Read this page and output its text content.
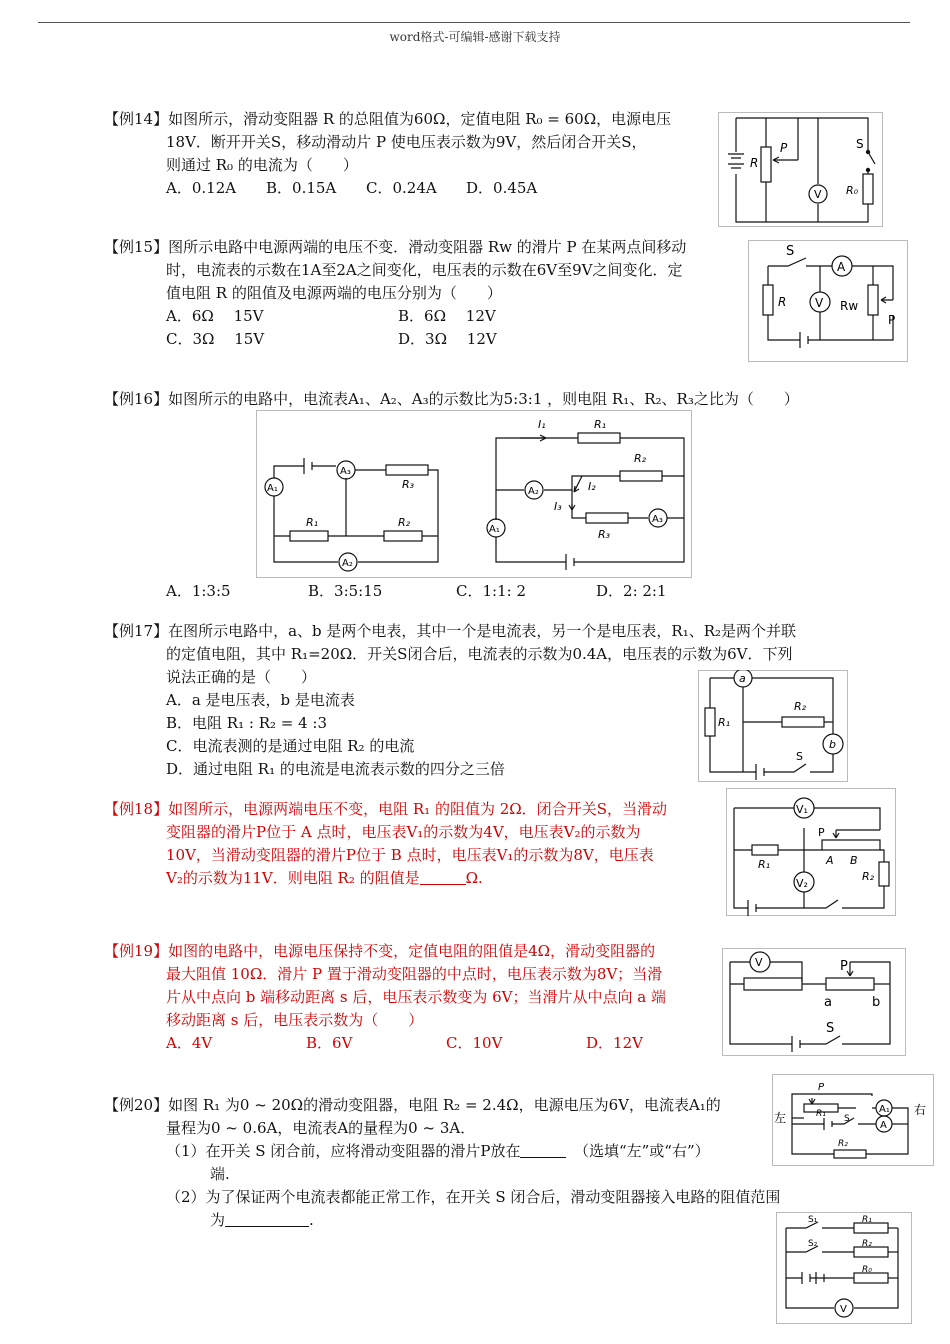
word格式-可编辑-感谢下载支持
【例14】如图所示，滑动变阻器 R 的总阻值为60Ω，定值电阻 R₀ = 60Ω，电源电压
18V．断开开关S，移动滑动片 P 使电压表示数为9V，然后闭合开关S，
则通过 R₀ 的电流为（　　）
A．0.12A B．0.15A C．0.24A D．0.45A
R
P	S
V R₀
【例15】图所示电路中电源两端的电压不变．滑动变阻器 Rw 的滑片 P 在某两点间移动
时，电流表的示数在1A至2A之间变化，电压表的示数在6V至9V之间变化．定
值电阻 R 的阻值及电源两端的电压分别为（　　）
A．6Ω　 15V	B．6Ω　 12V
C．3Ω　 15V	D．3Ω　 12V
S
A
R V Rw
P
【例16】如图所示的电路中，电流表A₁、A₂、A₃的示数比为5:3:1 ，则电阻 R₁、R₂、R₃之比为（　　）
A₁
A₃
A₂
R₃
R₁	R₂
I₁	R₁
R₂
A₂	I₂
I₃
R₃
A₃
A₁
A．1:3:5	B．3:5:15	C．1:1: 2	D．2: 2:1
【例17】在图所示电路中，a、b 是两个电表，其中一个是电流表，另一个是电压表，R₁、R₂是两个并联
的定值电阻，其中 R₁=20Ω．开关S闭合后，电流表的示数为0.4A，电压表的示数为6V．下列
说法正确的是（　　）
A．a 是电压表，b 是电流表
B．电阻 R₁ : R₂ = 4 :3
C．电流表测的是通过电阻 R₂ 的电流
D．通过电阻 R₁ 的电流是电流表示数的四分之三倍
a
b
R₁
R₂
S
【例18】如图所示，电源两端电压不变，电阻 R₁ 的阻值为 2Ω．闭合开关S，当滑动
变阻器的滑片P位于 A 点时，电压表V₁的示数为4V，电压表V₂的示数为
10V，当滑动变阻器的滑片P位于 B 点时，电压表V₁的示数为8V，电压表
V₂的示数为11V．则电阻 R₂ 的阻值是	Ω.
V₁
V₂
P
A B
R₁
R₂
【例19】如图的电路中，电源电压保持不变，定值电阻的阻值是4Ω，滑动变阻器的
最大阻值 10Ω．滑片 P 置于滑动变阻器的中点时，电压表示数为8V；当滑
片从中点向 b 端移动距离 s 后，电压表示数变为 6V；当滑片从中点向 a 端
移动距离 s 后，电压表示数为（　　）
A．4V	B．6V	C．10V	D．12V
V	P
a	b
S
【例20】如图 R₁ 为0 ~ 20Ω的滑动变阻器，电阻 R₂ = 2.4Ω，电源电压为6V，电流表A₁的
量程为0 ~ 0.6A，电流表A的量程为0 ~ 3A．
（1）在开关 S 闭合前，应将滑动变阻器的滑片P放在　	（选填“左”或“右”）
端.
（2）为了保证两个电流表都能正常工作，在开关 S 闭合后，滑动变阻器接入电路的阻值范围
为	.
P
R₁ S
A₁
A
R₂
左
右
S₁
S₂
R₁
R₂
R₀
V
